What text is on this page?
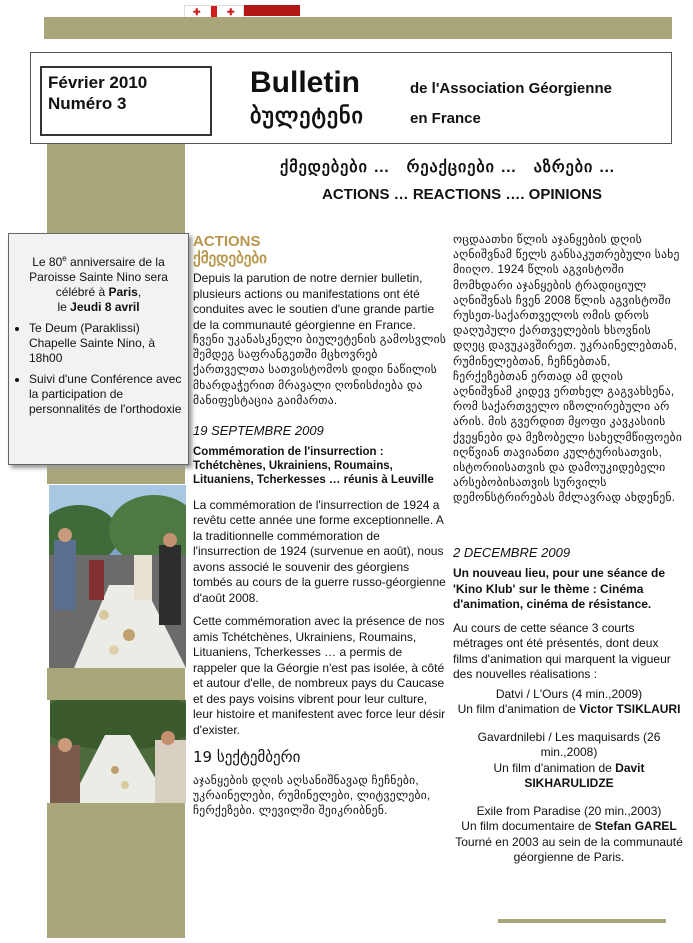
✚	✚
Février 2010
Numéro 3
Bulletin
ბულეტენი
de l'Association Géorgienne
en France
ქმედებები …   რეაქციები …   აზრები …
ACTIONS … REACTIONS …. OPINIONS
Le 80e anniversaire de la Paroisse Sainte Nino sera célébré à Paris,
le Jeudi 8 avril
• Te Deum (Paraklissi) Chapelle Sainte Nino, à 18h00
• Suivi d'une Conférence avec la participation de personnalités de l'orthodoxie
ACTIONS
ქმედებები

Depuis la parution de notre dernier bulletin, plusieurs actions ou manifestations ont été conduites avec le soutien d'une grande partie de la communauté géorgienne en France.

ჩვენი უკანასკნელი ბიულეტენის გამოსვლის შემდეგ საფრანგეთში მცხოვრებ ქართველთა სათვისტომოს დიდი ნაწილის მხარდაჭერით მრავალი ღონისძიება და მანიფესტაცია გაიმართა.

19 SEPTEMBRE 2009

Commémoration de l'insurrection : Tchétchènes, Ukrainiens, Roumains, Lituaniens, Tcherkesses … réunis à Leuville

La commémoration de l'insurrection de 1924 a revêtu cette année une forme exceptionnelle. A la traditionnelle commémoration de l'insurrection de 1924 (survenue en août), nous avons associé le souvenir des géorgiens tombés au cours de la guerre russo-géorgienne d'août 2008.

Cette commémoration avec la présence de nos amis Tchétchènes, Ukrainiens, Roumains, Lituaniens, Tcherkesses … a permis de rappeler que la Géorgie n'est pas isolée, à côté et autour d'elle, de nombreux pays du Caucase et des pays voisins vibrent pour leur culture, leur histoire et manifestent avec force leur désir d'exister.

19 სექტემბერი

აჯანყების დღის აღსანიშნავად ჩეჩნები, უკრაინელები, რუმინელები, ლიტველები, ჩერქეზები. ლევილში შეიკრიბნენ.

ოცდაათხი წლის აჯანყების დღის აღნიშვნამ წელს განსაკუთრებული სახე მიიღო. 1924 წლის აგვისტოში მომხდარი აჯანყების ტრადიციულ აღნიშვნას ჩვენ 2008 წლის აგვისტოში რუსეთ-საქართველოს ომის დროს დაღუპული ქართველების ხსოვნის დღეც დავუკავშირეთ. უკრაინელებთან, რუმინელებთან, ჩეჩნებთან, ჩერქეზებთან ერთად ამ დღის აღნიშვნამ კიდევ ერთხელ გაგვახსენა, რომ საქართველო იზოლირებული არ არის. მის გვერდით მყოფი კავკასიის ქვეყნები და მეზობელი სახელმწიფოები იღწვიან თავიანთი კულტურისათვის, ისტორიისათვის და დამოუკიდებელი არსებობისათვის სურვილს დემონსტრირებას მძლავრად ახდენენ.

2 DECEMBRE 2009

Un nouveau lieu, pour une séance de 'Kino Klub' sur le thème : Cinéma d'animation, cinéma de résistance.

Au cours de cette séance 3 courts métrages ont été présentés, dont deux films d'animation qui marquent la vigueur des nouvelles réalisations :

Datvi / L'Ours (4 min.,2009)
Un film d'animation de Victor TSIKLAURI
Gavardnilebi / Les maquisards (26 min.,2008)
Un film d'animation de Davit SIKHARULIDZE
Exile from Paradise (20 min.,2003)
Un film documentaire de Stefan GAREL
Tourné en 2003 au sein de la communauté géorgienne de Paris.
